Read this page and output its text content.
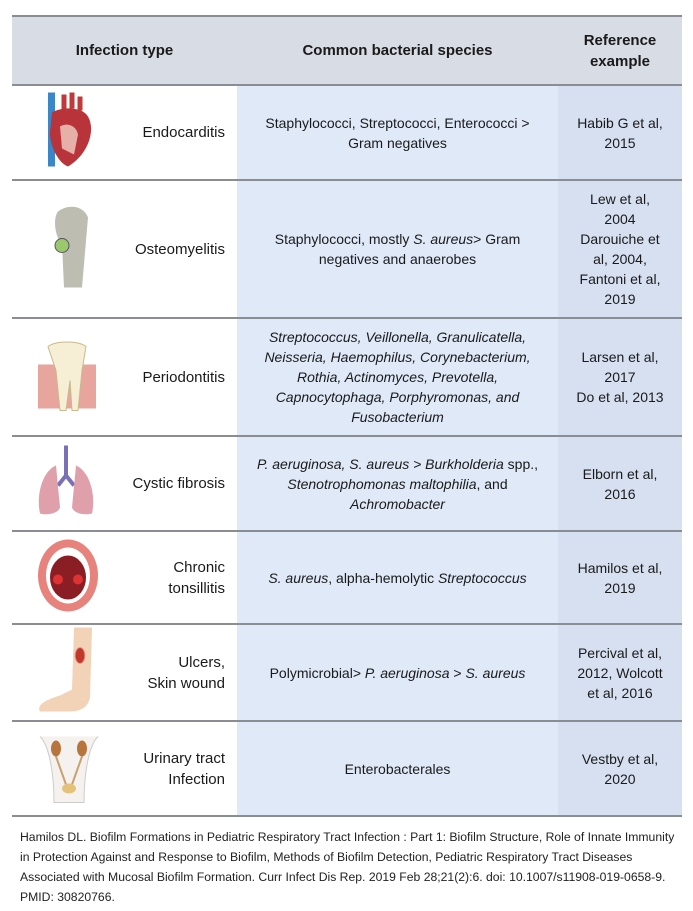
Infection type	Common bacterial species
Reference
example
Endocarditis
Staphylococci, Streptococci, Enterococci > Gram negatives
Habib G et al,
2015
Osteomyelitis
Staphylococci, mostly S. aureus> Gram negatives and anaerobes
Lew et al,
2004
Darouiche et
al, 2004,
Fantoni et al,
2019
Periodontitis
Streptococcus, Veillonella, Granulicatella, Neisseria, Haemophilus, Corynebacterium, Rothia, Actinomyces, Prevotella, Capnocytophaga, Porphyromonas, and Fusobacterium
Larsen et al,
2017
Do et al, 2013
Cystic fibrosis
P. aeruginosa, S. aureus > Burkholderia spp., Stenotrophomonas maltophilia, and Achromobacter
Elborn et al,
2016
Chronic
tonsillitis
S. aureus, alpha-hemolytic Streptococcus
Hamilos et al,
2019
Ulcers,
Skin wound
Polymicrobial> P. aeruginosa > S. aureus
Percival et al,
2012, Wolcott
et al, 2016
Urinary tract
Infection
Enterobacterales
Vestby et al,
2020
Hamilos DL. Biofilm Formations in Pediatric Respiratory Tract Infection : Part 1: Biofilm Structure, Role of Innate Immunity in Protection Against and Response to Biofilm, Methods of Biofilm Detection, Pediatric Respiratory Tract Diseases Associated with Mucosal Biofilm Formation. Curr Infect Dis Rep. 2019 Feb 28;21(2):6. doi: 10.1007/s11908-019-0658-9. PMID: 30820766.
